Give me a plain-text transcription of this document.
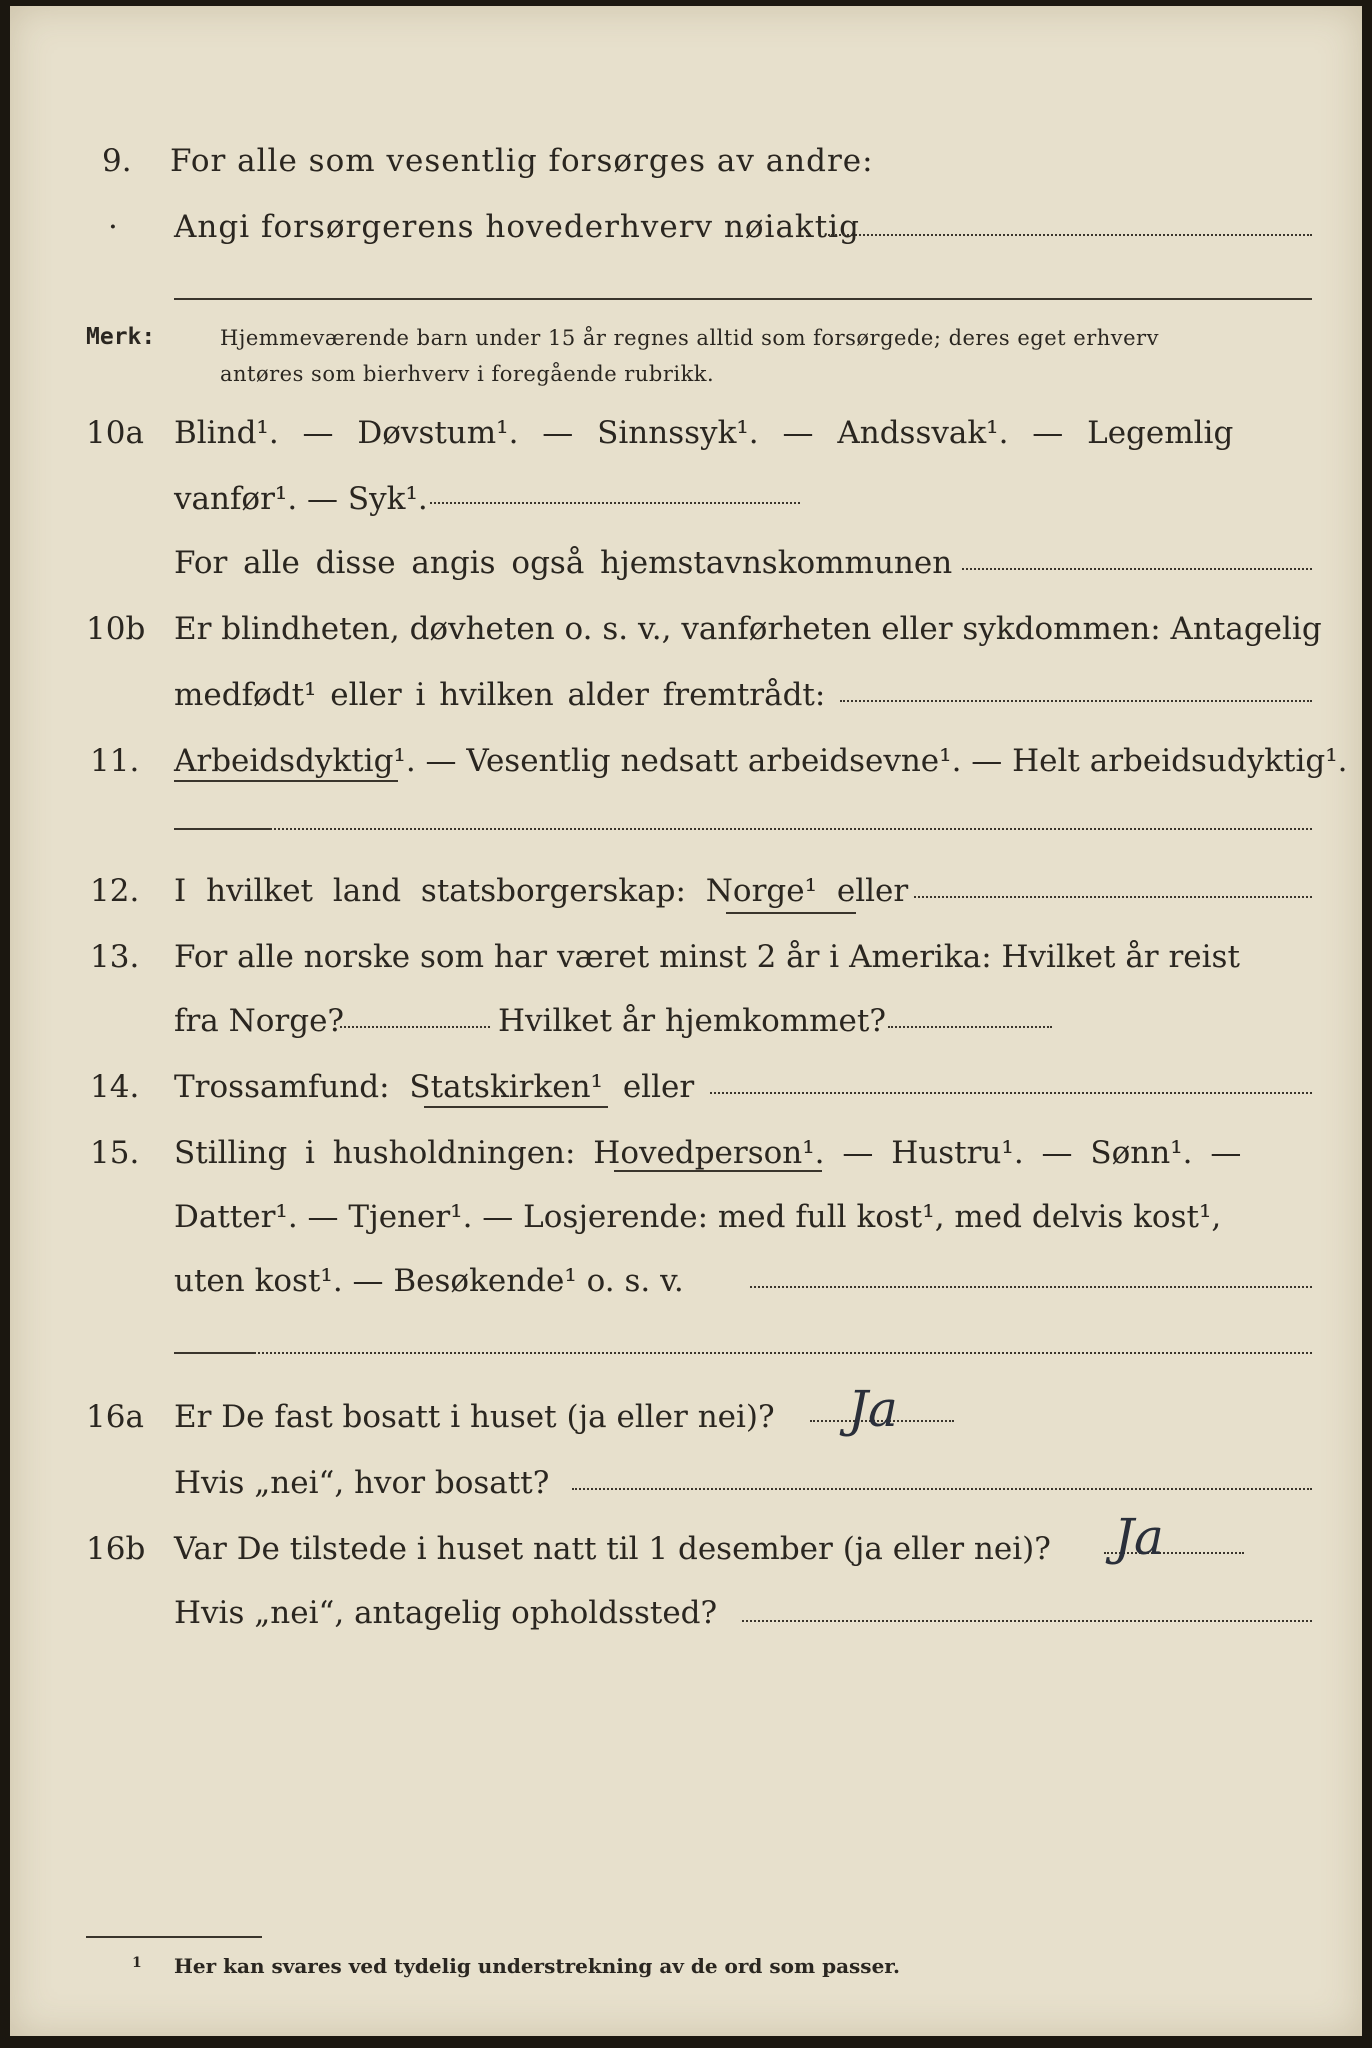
9. For alle som vesentlig forsørges av andre:
· Angi forsørgerens hovederhverv nøiaktig
Merk:	Hjemmeværende barn under 15 år regnes alltid som forsørgede; deres eget erhverv
antøres som bierhverv i foregående rubrikk.
10a Blind¹. — Døvstum¹. — Sinnssyk¹. — Andssvak¹. — Legemlig
vanfør¹. — Syk¹.
For alle disse angis også hjemstavnskommunen
10b Er blindheten, døvheten o. s. v., vanførheten eller sykdommen: Antagelig
medfødt¹ eller i hvilken alder fremtrådt:
11. Arbeidsdyktig¹. — Vesentlig nedsatt arbeidsevne¹. — Helt arbeidsudyktig¹.
12. I hvilket land statsborgerskap: Norge¹ eller
13. For alle norske som har været minst 2 år i Amerika: Hvilket år reist
fra Norge?	Hvilket år hjemkommet?
14. Trossamfund: Statskirken¹ eller
15. Stilling i husholdningen: Hovedperson¹. — Hustru¹. — Sønn¹. —
Datter¹. — Tjener¹. — Losjerende: med full kost¹, med delvis kost¹,
uten kost¹. — Besøkende¹ o. s. v.
16a Er De fast bosatt i huset (ja eller nei)? Ja
Hvis „nei“, hvor bosatt?
16b Var De tilstede i huset natt til 1 desember (ja eller nei)? Ja
Hvis „nei“, antagelig opholdssted?
1 Her kan svares ved tydelig understrekning av de ord som passer.
